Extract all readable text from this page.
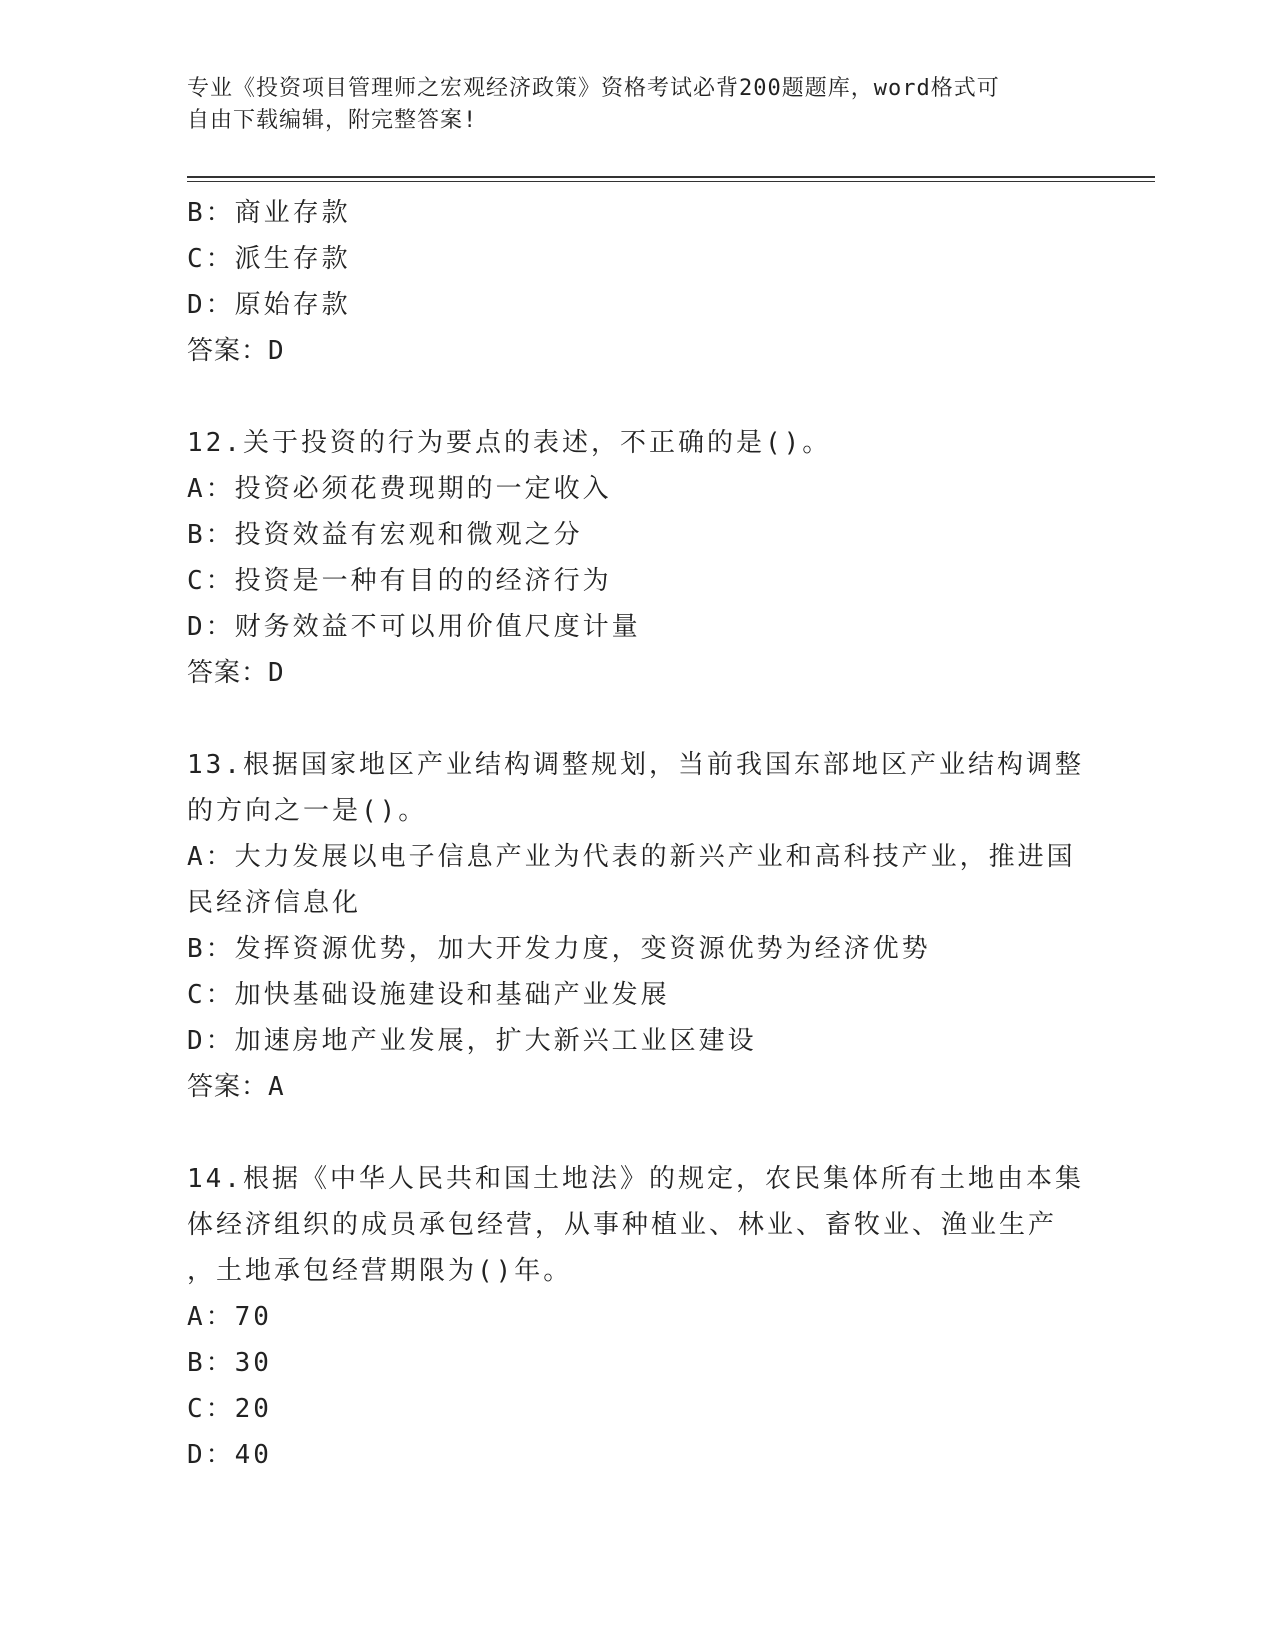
专业《投资项目管理师之宏观经济政策》资格考试必背200题题库，word格式可
自由下载编辑，附完整答案!
B：商业存款
C：派生存款
D：原始存款
答案：D
12.关于投资的行为要点的表述，不正确的是()。
A：投资必须花费现期的一定收入
B：投资效益有宏观和微观之分
C：投资是一种有目的的经济行为
D：财务效益不可以用价值尺度计量
答案：D
13.根据国家地区产业结构调整规划，当前我国东部地区产业结构调整
的方向之一是()。
A：大力发展以电子信息产业为代表的新兴产业和高科技产业，推进国
民经济信息化
B：发挥资源优势，加大开发力度，变资源优势为经济优势
C：加快基础设施建设和基础产业发展
D：加速房地产业发展，扩大新兴工业区建设
答案：A
14.根据《中华人民共和国土地法》的规定，农民集体所有土地由本集
体经济组织的成员承包经营，从事种植业、林业、畜牧业、渔业生产
，土地承包经营期限为()年。
A：70
B：30
C：20
D：40
